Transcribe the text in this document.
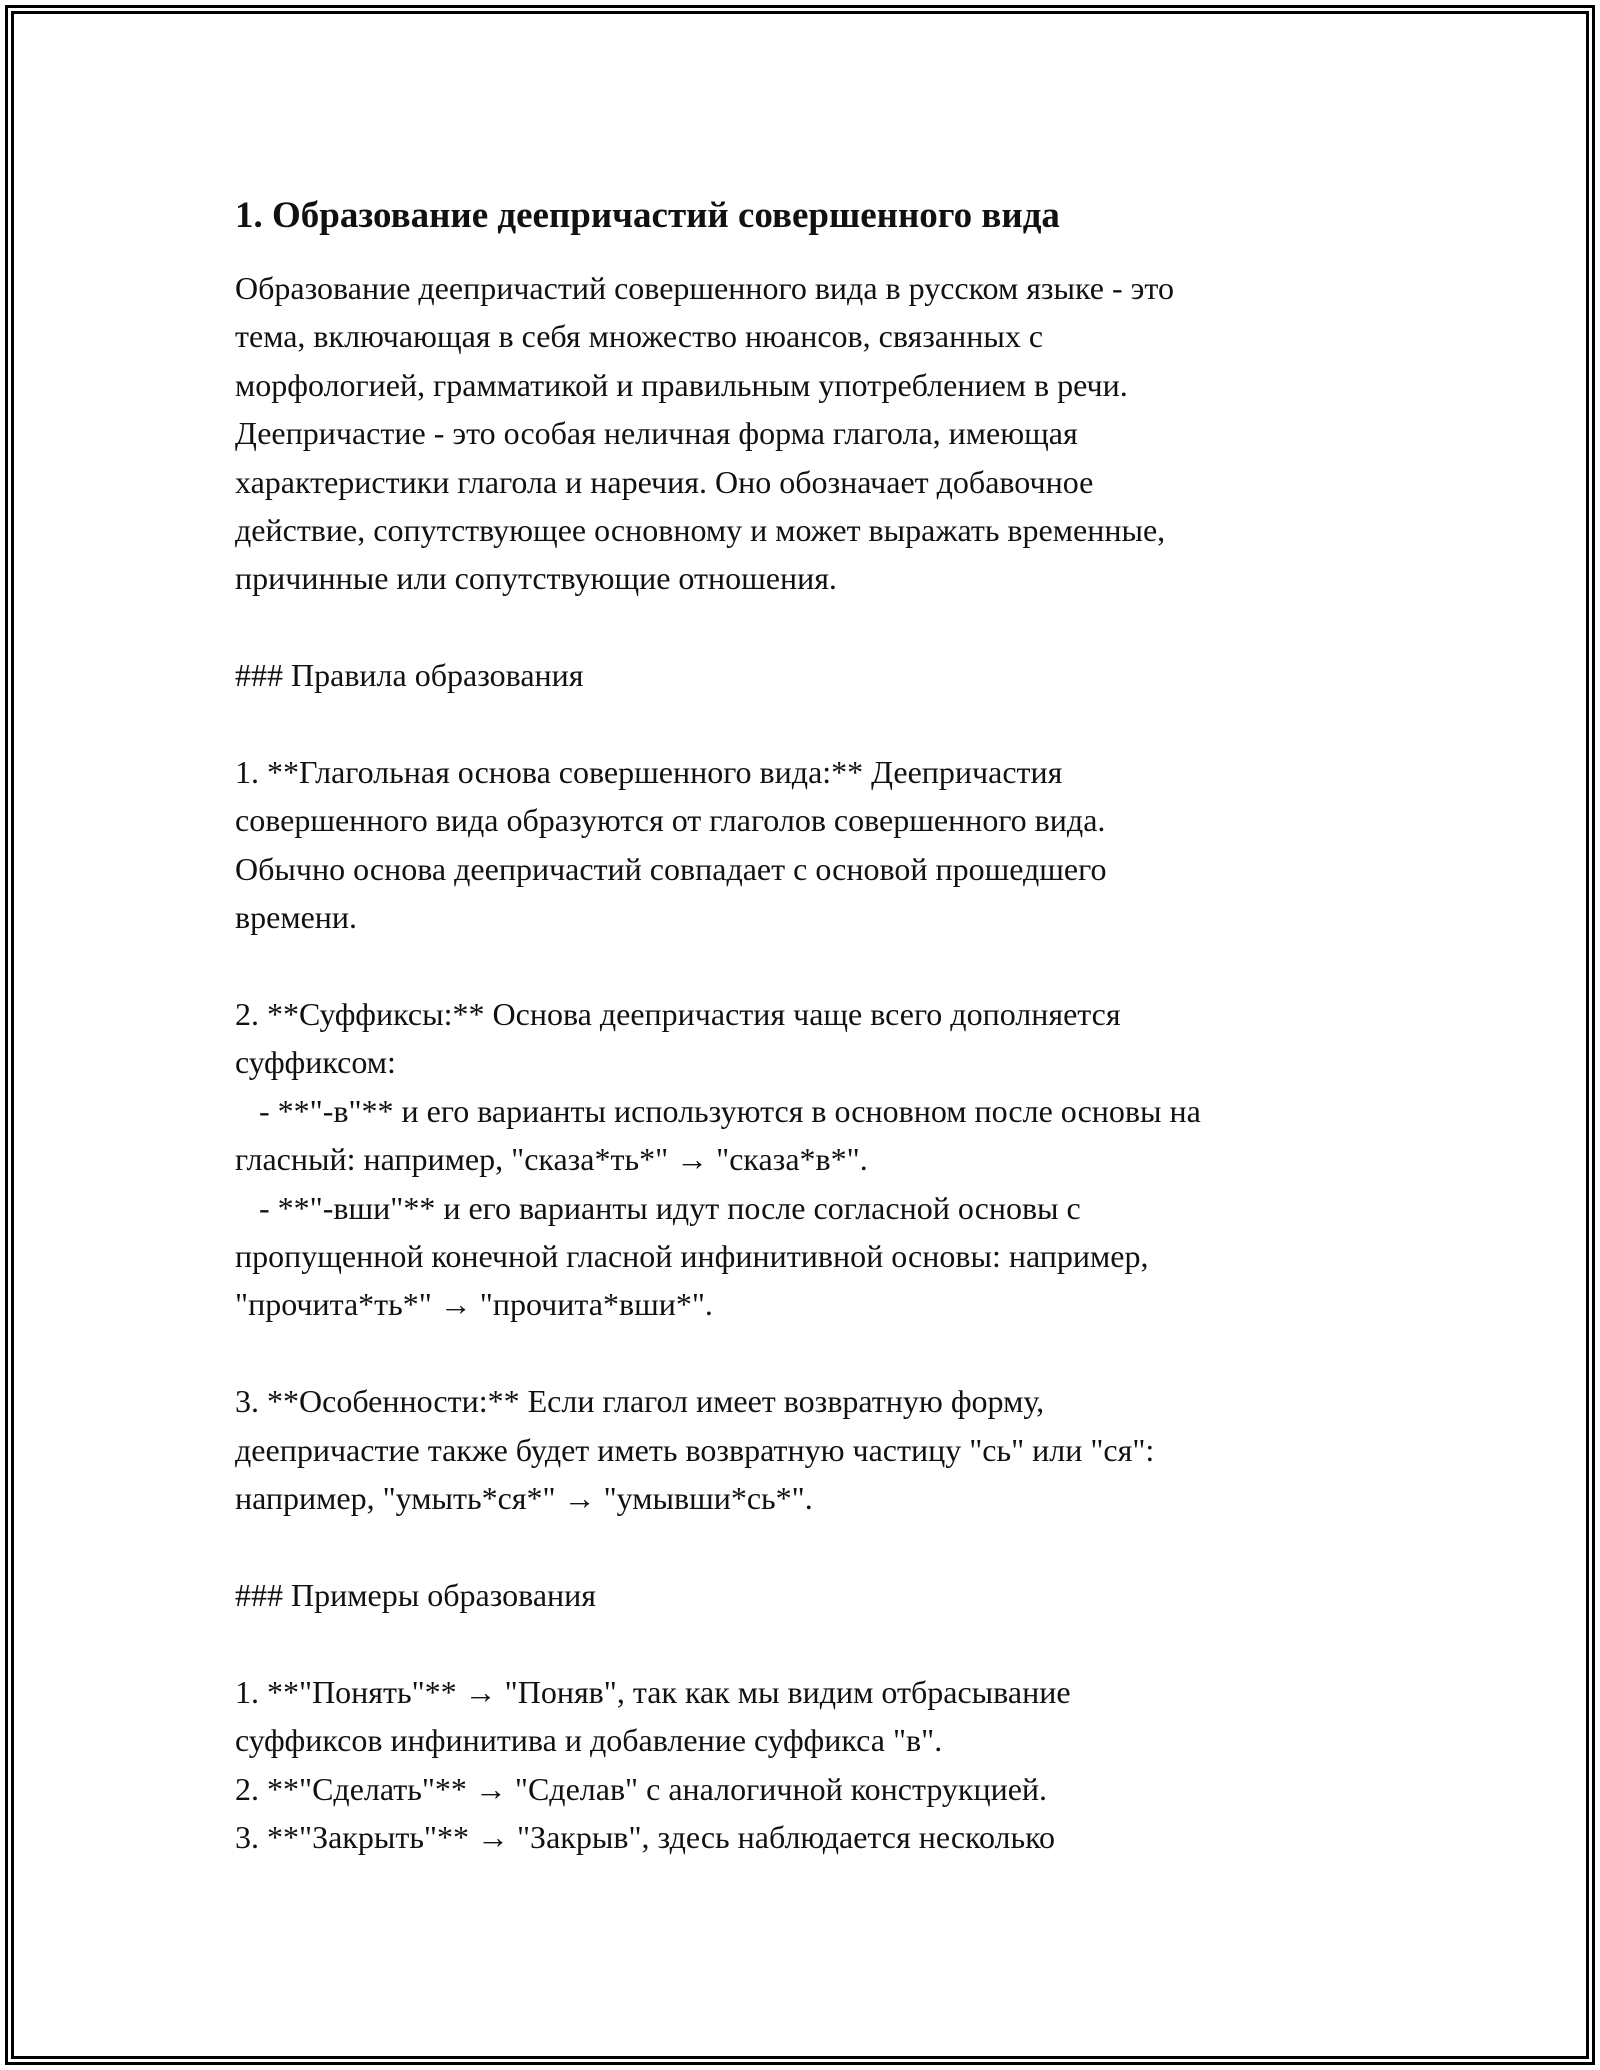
1. Образование деепричастий совершенного вида

Образование деепричастий совершенного вида в русском языке - это
тема, включающая в себя множество нюансов, связанных с
морфологией, грамматикой и правильным употреблением в речи.
Деепричастие - это особая неличная форма глагола, имеющая
характеристики глагола и наречия. Оно обозначает добавочное
действие, сопутствующее основному и может выражать временные,
причинные или сопутствующие отношения.

### Правила образования

1. **Глагольная основа совершенного вида:** Деепричастия
совершенного вида образуются от глаголов совершенного вида.
Обычно основа деепричастий совпадает с основой прошедшего
времени.

2. **Суффиксы:** Основа деепричастия чаще всего дополняется
суффиксом:
- **"-в"** и его варианты используются в основном после основы на
гласный: например, "сказа*ть*" → "сказа*в*".
- **"-вши"** и его варианты идут после согласной основы с
пропущенной конечной гласной инфинитивной основы: например,
"прочита*ть*" → "прочита*вши*".

3. **Особенности:** Если глагол имеет возвратную форму,
деепричастие также будет иметь возвратную частицу "сь" или "ся":
например, "умыть*ся*" → "умывши*сь*".

### Примеры образования

1. **"Понять"** → "Поняв", так как мы видим отбрасывание
суффиксов инфинитива и добавление суффикса "в".
2. **"Сделать"** → "Сделав" с аналогичной конструкцией.
3. **"Закрыть"** → "Закрыв", здесь наблюдается несколько
